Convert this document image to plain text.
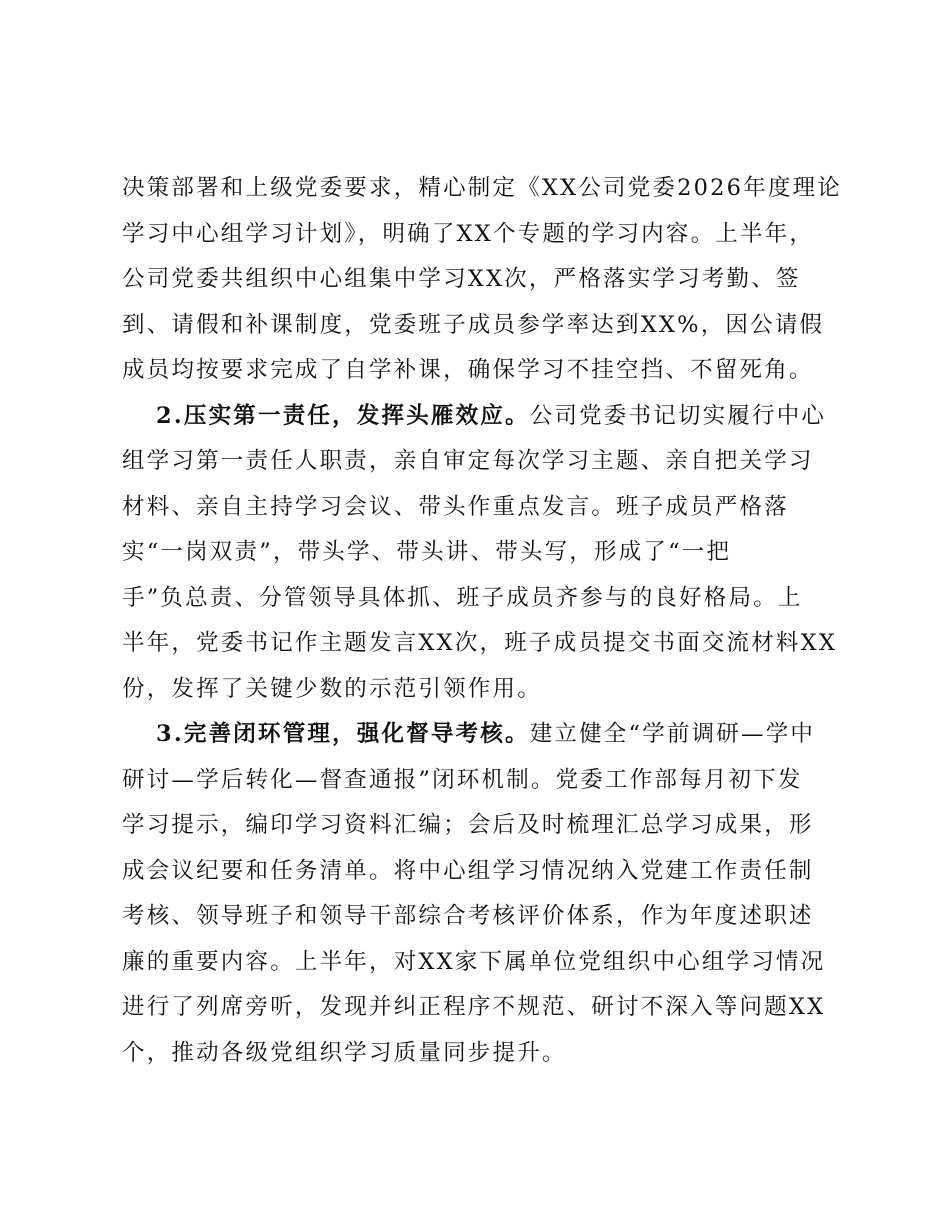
决策部署和上级党委要求，精心制定《XX公司党委2026年度理论
学习中心组学习计划》，明确了XX个专题的学习内容。上半年，
公司党委共组织中心组集中学习XX次，严格落实学习考勤、签
到、请假和补课制度，党委班子成员参学率达到XX%，因公请假
成员均按要求完成了自学补课，确保学习不挂空挡、不留死角。
2.压实第一责任，发挥头雁效应。公司党委书记切实履行中心
组学习第一责任人职责，亲自审定每次学习主题、亲自把关学习
材料、亲自主持学习会议、带头作重点发言。班子成员严格落
实“一岗双责”，带头学、带头讲、带头写，形成了“一把
手”负总责、分管领导具体抓、班子成员齐参与的良好格局。上
半年，党委书记作主题发言XX次，班子成员提交书面交流材料XX
份，发挥了关键少数的示范引领作用。
3.完善闭环管理，强化督导考核。建立健全“学前调研—学中
研讨—学后转化—督查通报”闭环机制。党委工作部每月初下发
学习提示，编印学习资料汇编；会后及时梳理汇总学习成果，形
成会议纪要和任务清单。将中心组学习情况纳入党建工作责任制
考核、领导班子和领导干部综合考核评价体系，作为年度述职述
廉的重要内容。上半年，对XX家下属单位党组织中心组学习情况
进行了列席旁听，发现并纠正程序不规范、研讨不深入等问题XX
个，推动各级党组织学习质量同步提升。
